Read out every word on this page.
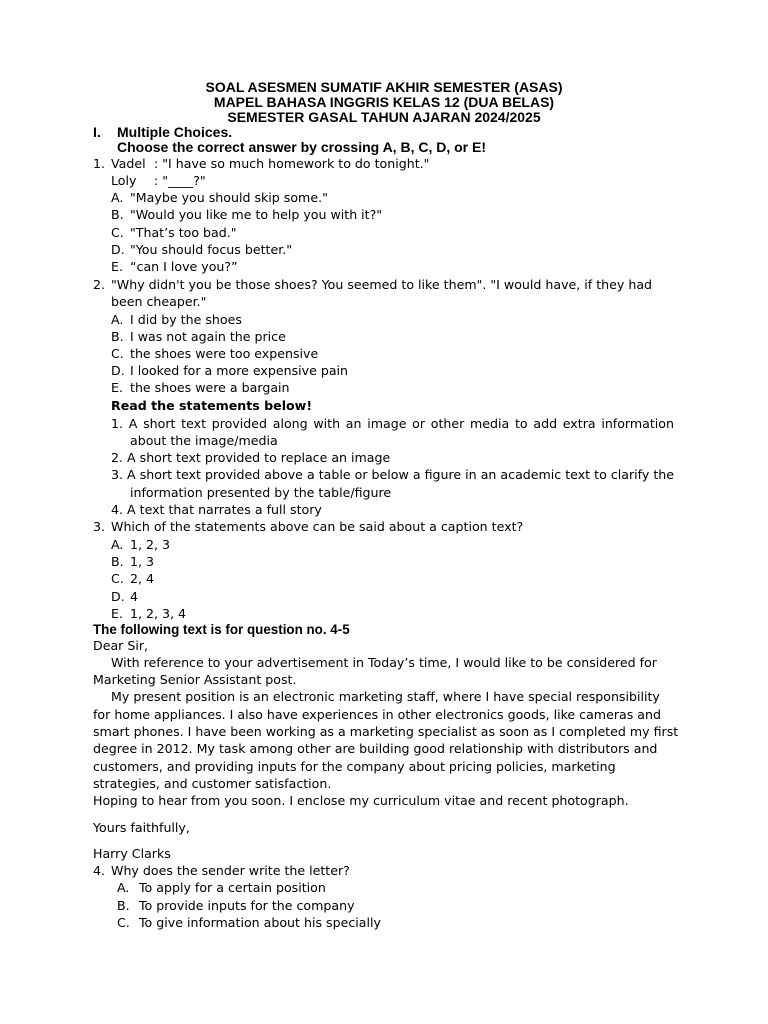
SOAL ASESMEN SUMATIF AKHIR SEMESTER (ASAS)
MAPEL BAHASA INGGRIS KELAS 12 (DUA BELAS)
SEMESTER GASAL TAHUN AJARAN 2024/2025
I. Multiple Choices.
Choose the correct answer by crossing A, B, C, D, or E!
1. Vadel : "I have so much homework to do tonight."
Loly : "____?"
A. "Maybe you should skip some."
B. "Would you like me to help you with it?"
C. "That’s too bad."
D. "You should focus better."
E. “can I love you?”
2. "Why didn't you be those shoes? You seemed to like them". "I would have, if they had
been cheaper."
A. I did by the shoes
B. I was not again the price
C. the shoes were too expensive
D. I looked for a more expensive pain
E. the shoes were a bargain
Read the statements below!
1. A short text provided along with an image or other media to add extra information
about the image/media
2. A short text provided to replace an image
3. A short text provided above a table or below a figure in an academic text to clarify the
information presented by the table/figure
4. A text that narrates a full story
3. Which of the statements above can be said about a caption text?
A. 1, 2, 3
B. 1, 3
C. 2, 4
D. 4
E. 1, 2, 3, 4
The following text is for question no. 4-5
Dear Sir,
With reference to your advertisement in Today’s time, I would like to be considered for
Marketing Senior Assistant post.
My present position is an electronic marketing staff, where I have special responsibility
for home appliances. I also have experiences in other electronics goods, like cameras and
smart phones. I have been working as a marketing specialist as soon as I completed my first
degree in 2012. My task among other are building good relationship with distributors and
customers, and providing inputs for the company about pricing policies, marketing
strategies, and customer satisfaction.
Hoping to hear from you soon. I enclose my curriculum vitae and recent photograph.
Yours faithfully,
Harry Clarks
4. Why does the sender write the letter?
A. To apply for a certain position
B. To provide inputs for the company
C. To give information about his specially
